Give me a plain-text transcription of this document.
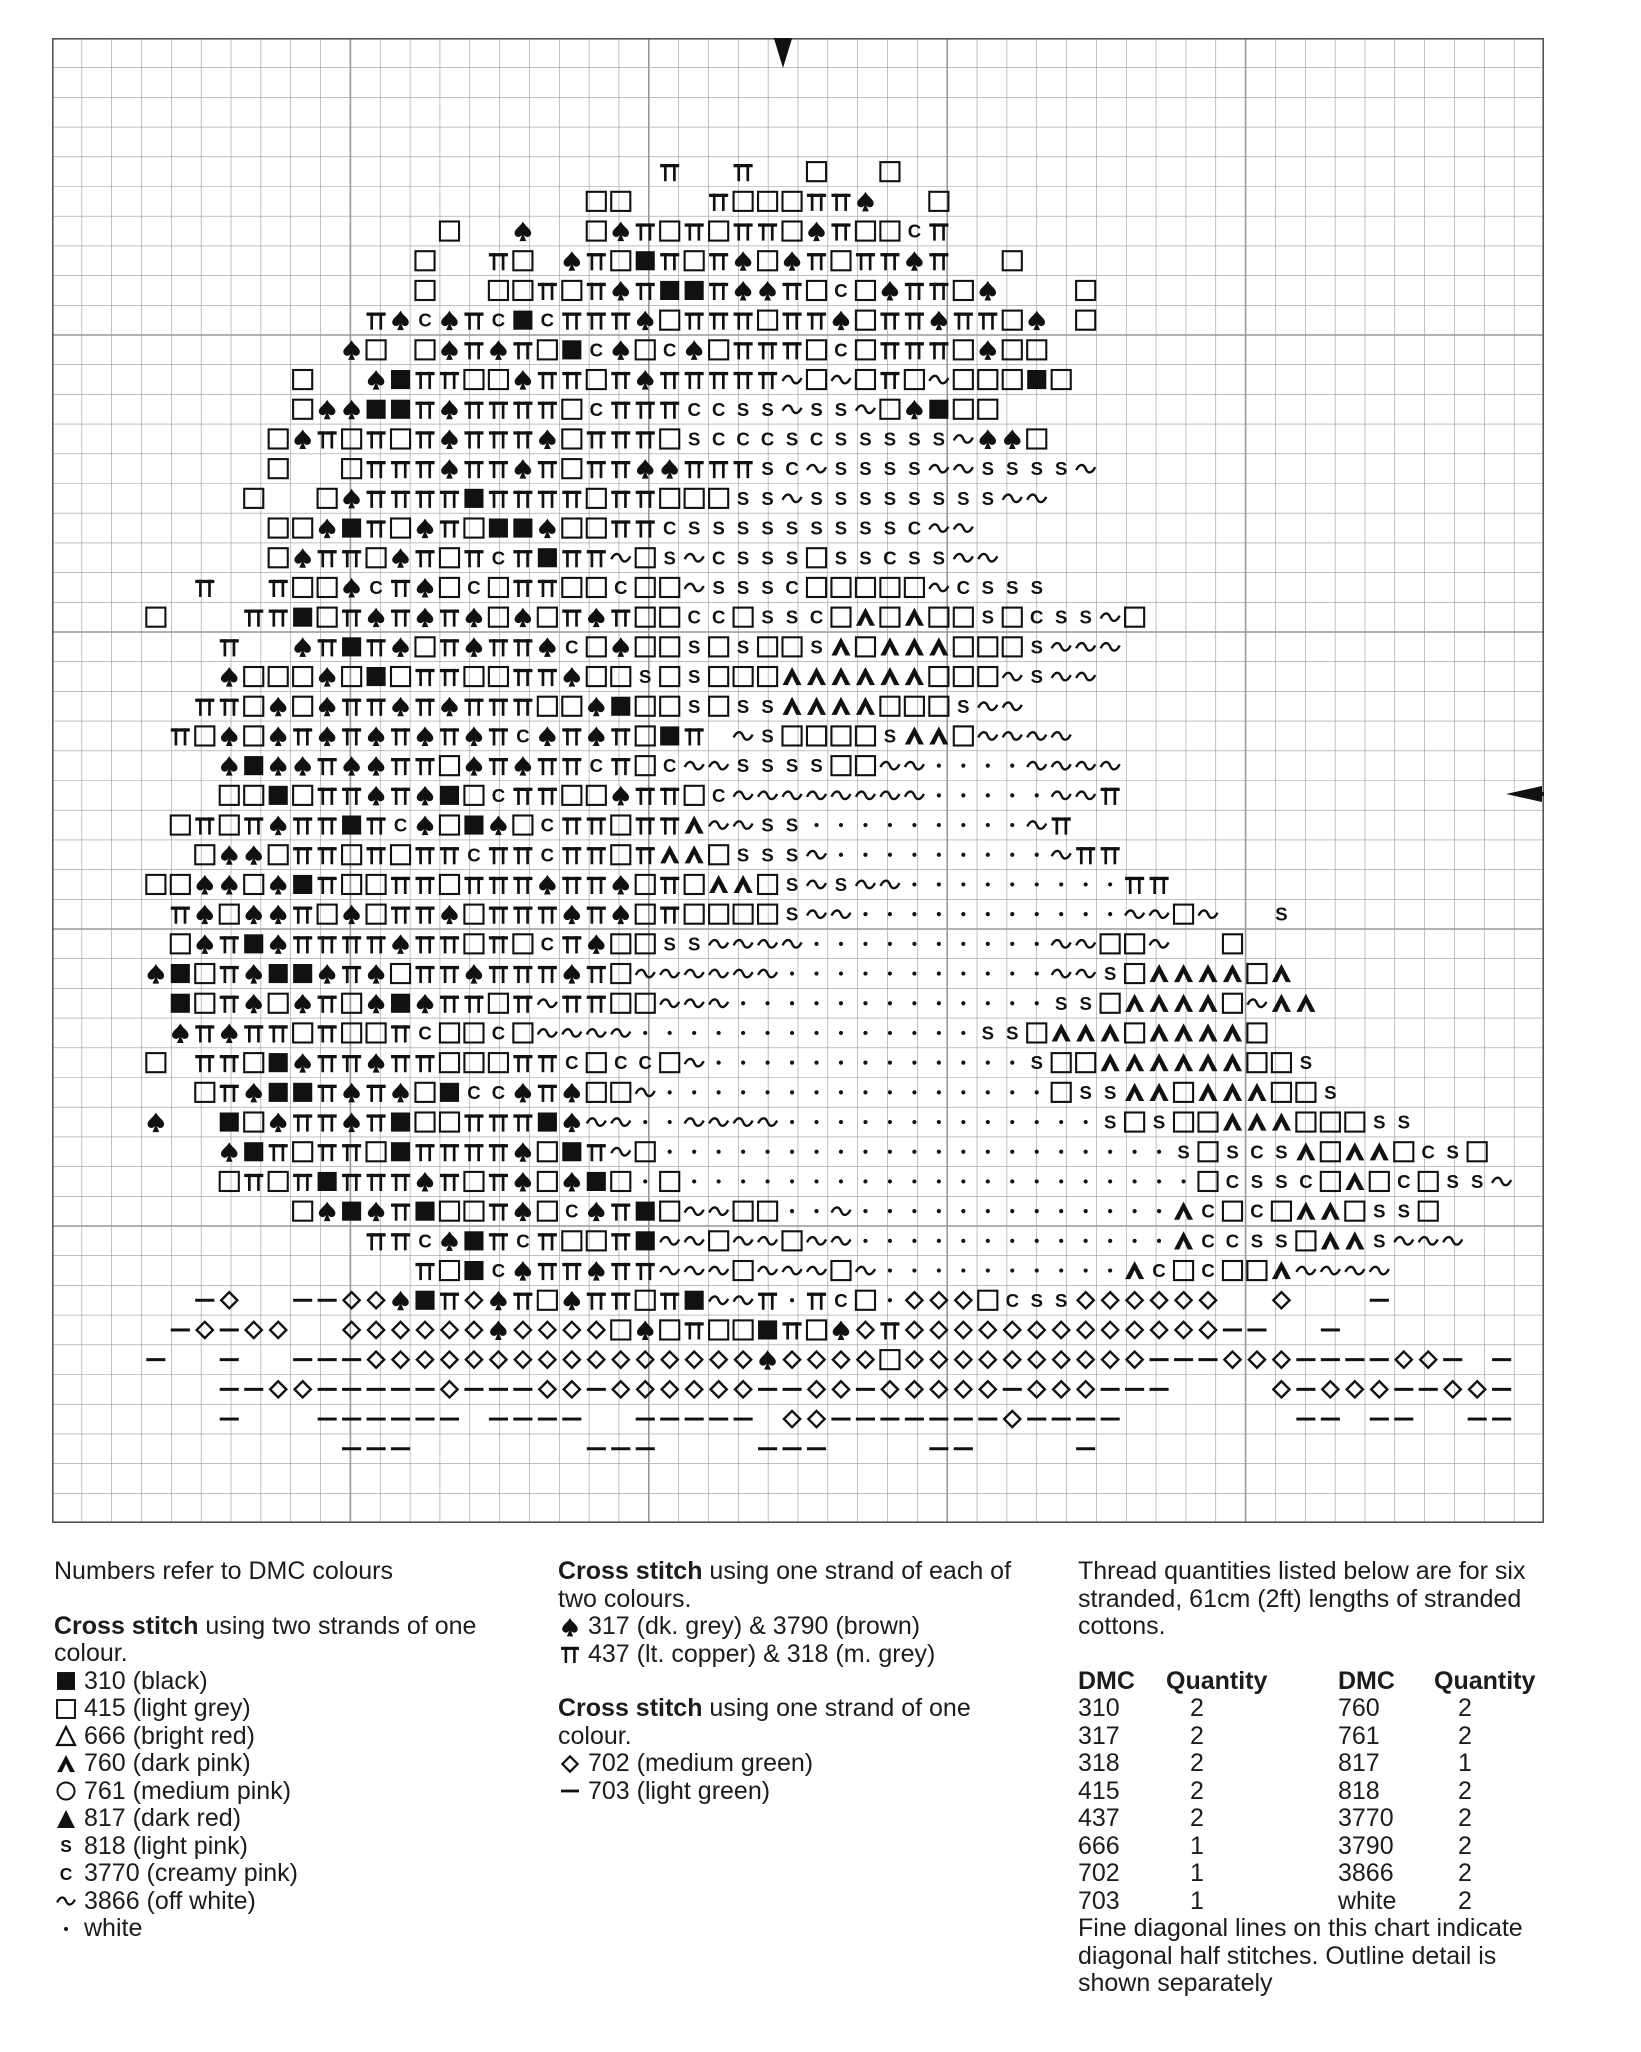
C
C
C	C C
C	C	C
C	C C S S S S
S C C C S C S S S S S
S C S S S S	S S S S
S S S S S S S S S S
C S S S S S S S S S C
C	S C S S S S S C S S
C	C	C	S S S C	C S S S
C C S S C	S C S S
C	S S	S	S
S S	S
S S S	S
C	S	S
C	C	S S S S
C	C
C	C	S S
C	C	S S S
S S
S	S
C	S S
S
S S
C	C	S S
C C C	S	S
C C	S S	S
S S	S S
S S C S	C S
C S S C	C S S
C	C C	S S
C	C	C C S S	S
C	C C
C	C S S

Numbers refer to DMC colours

Cross stitch using two strands of one colour.

310 (black)
415 (light grey)
666 (bright red)
760 (dark pink)
761 (medium pink)
817 (dark red)
S 818 (light pink)
C 3770 (creamy pink)
3866 (off white)
white

Cross stitch using one strand of each of two colours.

317 (dk. grey) & 3790 (brown)
437 (lt. copper) & 318 (m. grey)

Cross stitch using one strand of one colour.

702 (medium green)
703 (light green)

Thread quantities listed below are for six stranded, 61cm (2ft) lengths of stranded cottons.

DMC	Quantity	DMC	Quantity
310	2	760	2
317	2	761	2
318	2	817	1
415	2	818	2
437	2	3770	2
666	1	3790	2
702	1	3866	2
703	1	white	2

Fine diagonal lines on this chart indicate diagonal half stitches. Outline detail is shown separately
